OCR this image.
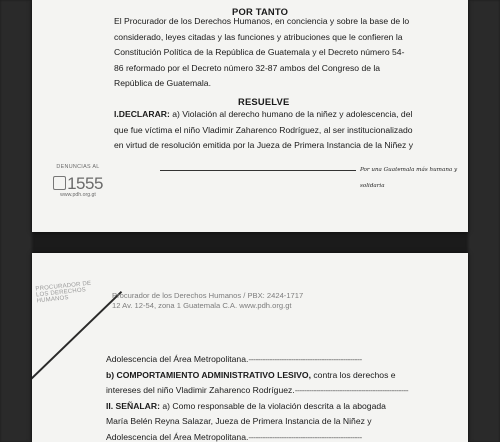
POR TANTO
El Procurador de los Derechos Humanos, en conciencia y sobre la base de lo
considerado, leyes citadas y las funciones y atribuciones que le confieren la
Constitución Política de la República de Guatemala y el Decreto número 54-
86 reformado por el Decreto número 32-87 ambos del Congreso de la
República de Guatemala.
RESUELVE
I.DECLARAR: a) Violación al derecho humano de la niñez y adolescencia, del
que fue víctima el niño Vladimir Zaharenco Rodríguez, al ser institucionalizado
en virtud de resolución emitida por la Jueza de Primera Instancia de la Niñez y
DENUNCIAS AL
1555
www.pdh.org.gt
Por una Guatemala más humana y solidaria
PROCURADOR DE LOS DERECHOS HUMANOS	Procurador de los Derechos Humanos / PBX: 2424-1717
12 Av. 12-54, zona 1 Guatemala C.A. www.pdh.org.gt
Adolescencia del Área Metropolitana.------------------------------------------------
b) COMPORTAMIENTO ADMINISTRATIVO LESIVO, contra los derechos e
intereses del niño Vladimir Zaharenco Rodríguez.------------------------------------------------
II. SEÑALAR: a) Como responsable de la violación descrita a la abogada
María Belén Reyna Salazar, Jueza de Primera Instancia de la Niñez y
Adolescencia del Área Metropolitana.------------------------------------------------
